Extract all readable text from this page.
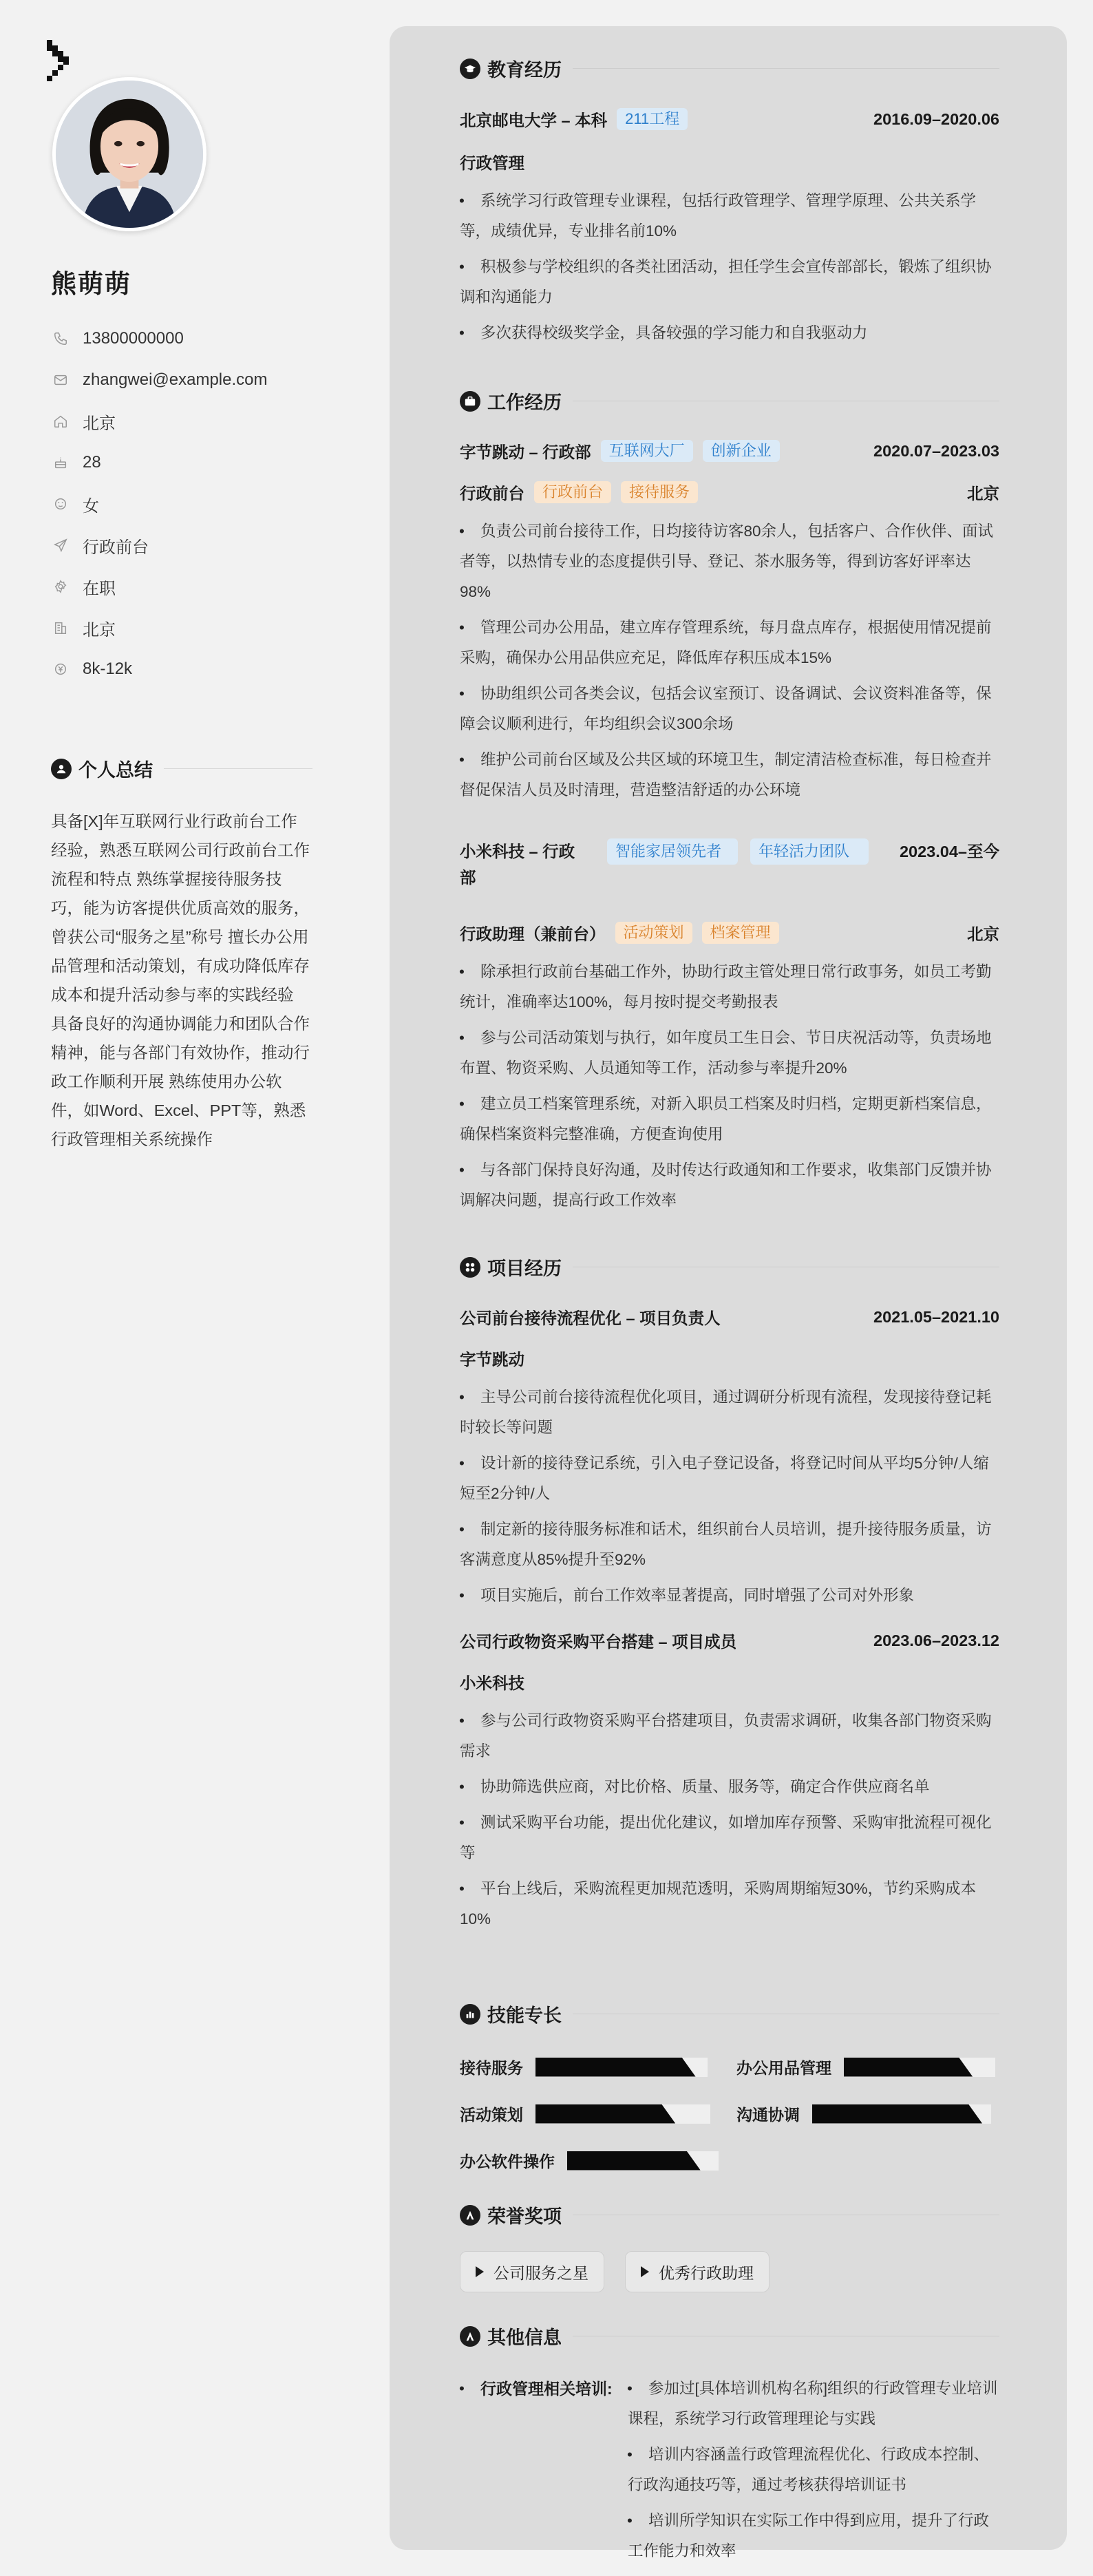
熊萌萌
13800000000
zhangwei@example.com
北京
28
女
行政前台
在职
北京
8k-12k
个人总结
具备[X]年互联网行业行政前台工作经验，熟悉互联网公司行政前台工作流程和特点 熟练掌握接待服务技巧，能为访客提供优质高效的服务，曾获公司“服务之星”称号 擅长办公用品管理和活动策划，有成功降低库存成本和提升活动参与率的实践经验 具备良好的沟通协调能力和团队合作精神，能与各部门有效协作，推动行政工作顺利开展 熟练使用办公软件，如Word、Excel、PPT等，熟悉行政管理相关系统操作
教育经历
北京邮电大学 – 本科	211工程	2016.09–2020.06
行政管理
• 系统学习行政管理专业课程，包括行政管理学、管理学原理、公共关系学等，成绩优异，专业排名前10%
• 积极参与学校组织的各类社团活动，担任学生会宣传部部长，锻炼了组织协调和沟通能力
• 多次获得校级奖学金，具备较强的学习能力和自我驱动力
工作经历
字节跳动 – 行政部	互联网大厂	创新企业	2020.07–2023.03
行政前台	行政前台	接待服务	北京
• 负责公司前台接待工作，日均接待访客80余人，包括客户、合作伙伴、面试者等，以热情专业的态度提供引导、登记、茶水服务等，得到访客好评率达98%
• 管理公司办公用品，建立库存管理系统，每月盘点库存，根据使用情况提前采购，确保办公用品供应充足，降低库存积压成本15%
• 协助组织公司各类会议，包括会议室预订、设备调试、会议资料准备等，保障会议顺利进行，年均组织会议300余场
• 维护公司前台区域及公共区域的环境卫生，制定清洁检查标准，每日检查并督促保洁人员及时清理，营造整洁舒适的办公环境
小米科技 – 行政
部
智能家居领先者	年轻活力团队	2023.04–至今
行政助理（兼前台）	活动策划	档案管理	北京
• 除承担行政前台基础工作外，协助行政主管处理日常行政事务，如员工考勤统计，准确率达100%，每月按时提交考勤报表
• 参与公司活动策划与执行，如年度员工生日会、节日庆祝活动等，负责场地布置、物资采购、人员通知等工作，活动参与率提升20%
• 建立员工档案管理系统，对新入职员工档案及时归档，定期更新档案信息，确保档案资料完整准确，方便查询使用
• 与各部门保持良好沟通，及时传达行政通知和工作要求，收集部门反馈并协调解决问题，提高行政工作效率
项目经历
公司前台接待流程优化 – 项目负责人	2021.05–2021.10
字节跳动
• 主导公司前台接待流程优化项目，通过调研分析现有流程，发现接待登记耗时较长等问题
• 设计新的接待登记系统，引入电子登记设备，将登记时间从平均5分钟/人缩短至2分钟/人
• 制定新的接待服务标准和话术，组织前台人员培训，提升接待服务质量，访客满意度从85%提升至92%
• 项目实施后，前台工作效率显著提高，同时增强了公司对外形象
公司行政物资采购平台搭建 – 项目成员	2023.06–2023.12
小米科技
• 参与公司行政物资采购平台搭建项目，负责需求调研，收集各部门物资采购需求
• 协助筛选供应商，对比价格、质量、服务等，确定合作供应商名单
• 测试采购平台功能，提出优化建议，如增加库存预警、采购审批流程可视化等
• 平台上线后，采购流程更加规范透明，采购周期缩短30%，节约采购成本10%
技能专长
接待服务	办公用品管理
活动策划	沟通协调
办公软件操作
荣誉奖项
公司服务之星	优秀行政助理
其他信息
• 行政管理相关培训:
•	参加过[具体培训机构名称]组织的行政管理专业培训课程，系统学习行政管理理论与实践
• 培训内容涵盖行政管理流程优化、行政成本控制、行政沟通技巧等，通过考核获得培训证书
• 培训所学知识在实际工作中得到应用，提升了行政工作能力和效率
